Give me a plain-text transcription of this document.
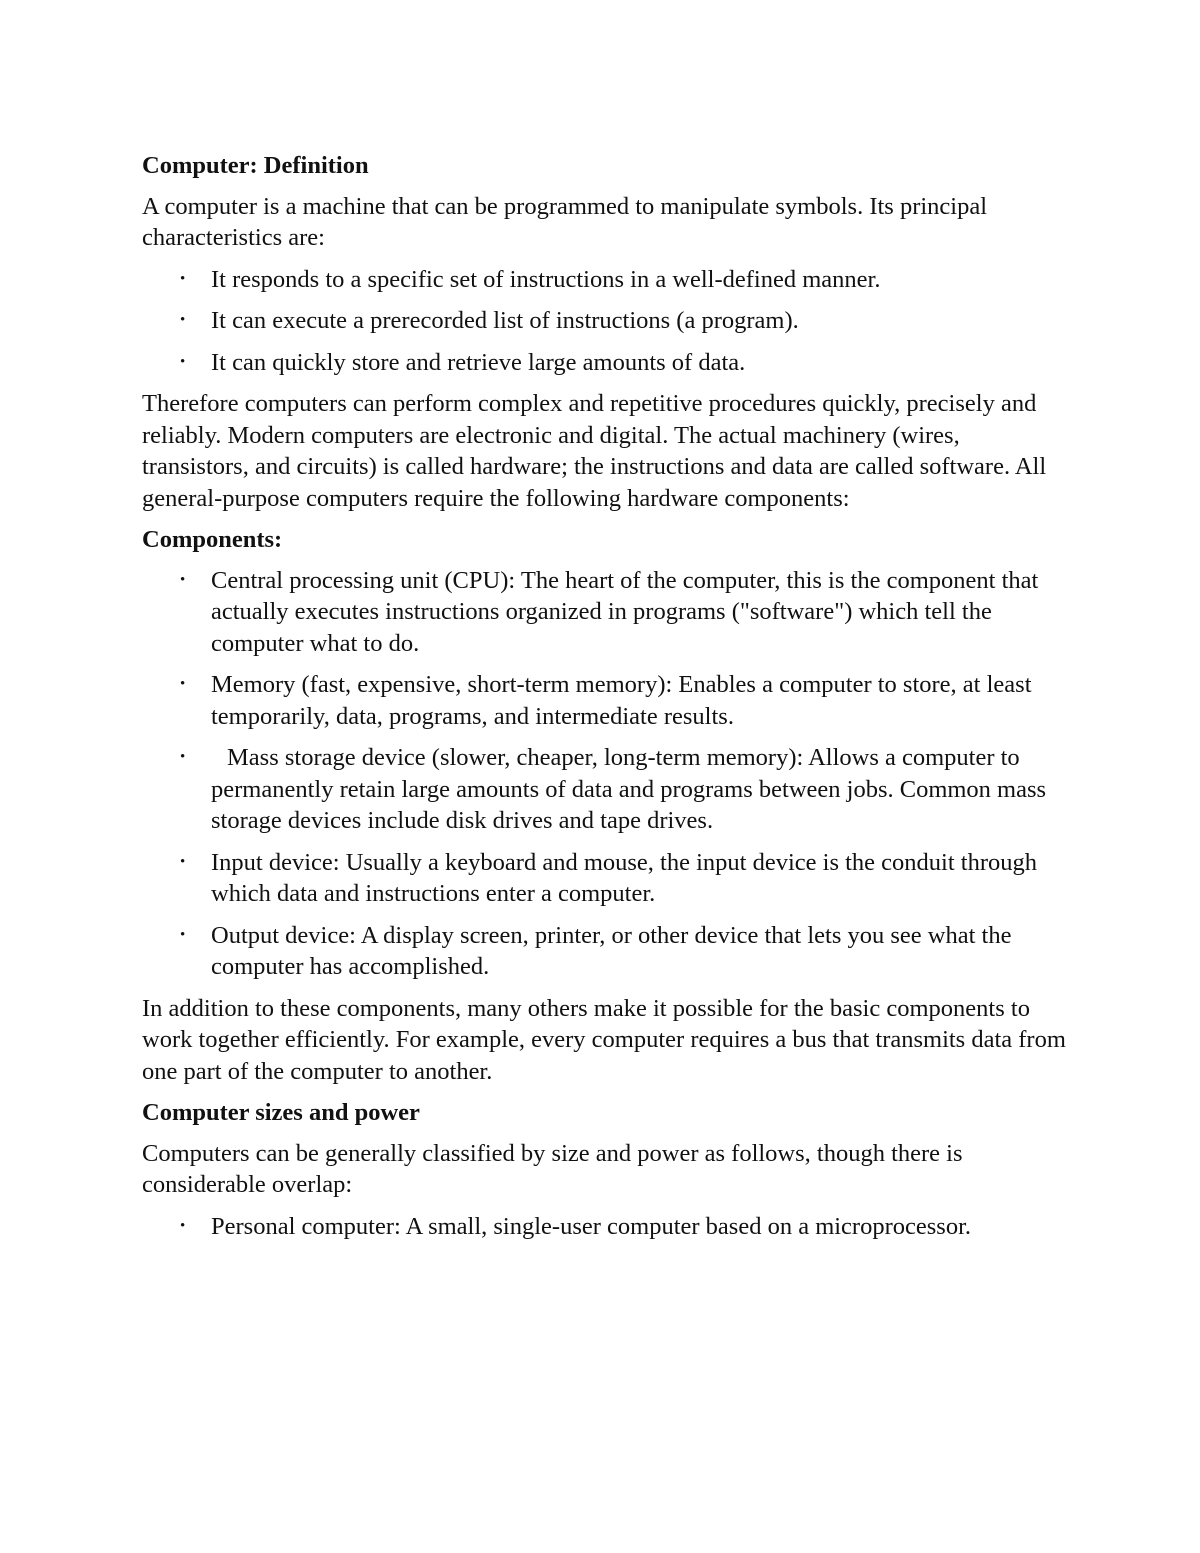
Computer: Definition

A computer is a machine that can be programmed to manipulate symbols. Its principal characteristics are:

• It responds to a specific set of instructions in a well-defined manner.
• It can execute a prerecorded list of instructions (a program).
• It can quickly store and retrieve large amounts of data.

Therefore computers can perform complex and repetitive procedures quickly, precisely and reliably. Modern computers are electronic and digital. The actual machinery (wires, transistors, and circuits) is called hardware; the instructions and data are called software. All general-purpose computers require the following hardware components:

Components:
• Central processing unit (CPU): The heart of the computer, this is the component that actually executes instructions organized in programs ("software") which tell the computer what to do.
• Memory (fast, expensive, short-term memory): Enables a computer to store, at least temporarily, data, programs, and intermediate results.
• Mass storage device (slower, cheaper, long-term memory): Allows a computer to permanently retain large amounts of data and programs between jobs. Common mass storage devices include disk drives and tape drives.
• Input device: Usually a keyboard and mouse, the input device is the conduit through which data and instructions enter a computer.
• Output device: A display screen, printer, or other device that lets you see what the computer has accomplished.

In addition to these components, many others make it possible for the basic components to work together efficiently. For example, every computer requires a bus that transmits data from one part of the computer to another.

Computer sizes and power

Computers can be generally classified by size and power as follows, though there is considerable overlap:

• Personal computer: A small, single-user computer based on a microprocessor.
